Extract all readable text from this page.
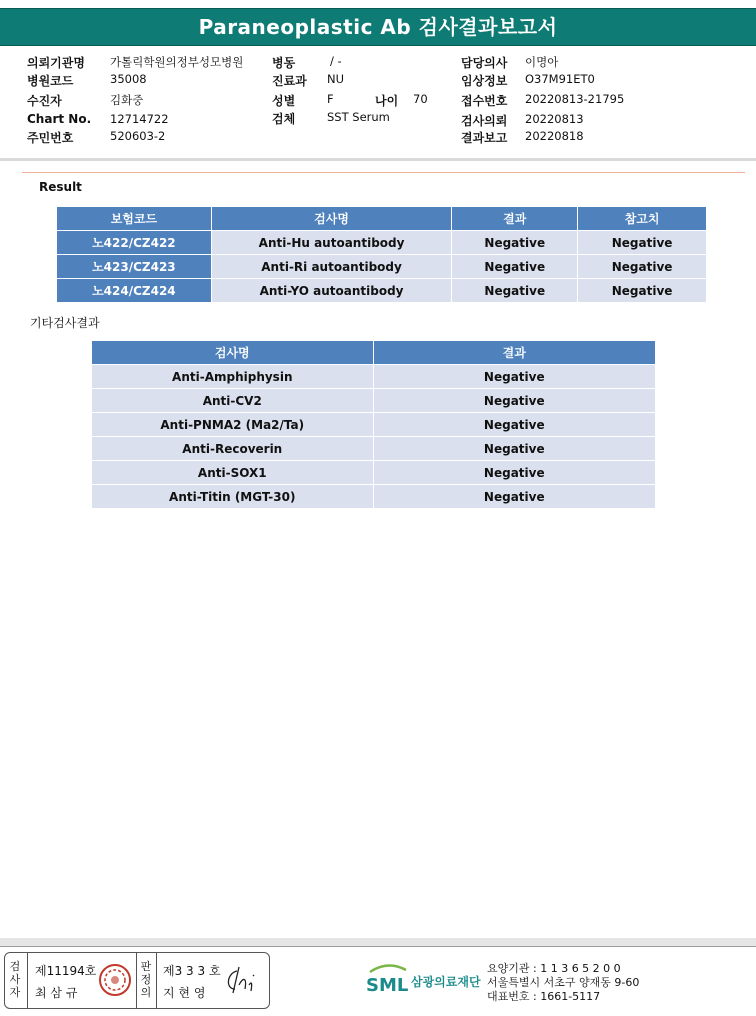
Paraneoplastic Ab 검사결과보고서
의뢰기관명 가톨릭학원의정부성모병원
병원코드	35008
수진자	김화중
Chart No. 12714722
주민번호	520603-2
병동	/ -
진료과 NU
성별	F	나이 70
검체	SST Serum
담당의사 이명아
임상정보 O37M91ET0
접수번호 20220813-21795
검사의뢰 20220813
결과보고 20220818
Result
보험코드	검사명	결과	참고치
노422/CZ422	Anti-Hu autoantibody	Negative	Negative
노423/CZ423	Anti-Ri autoantibody	Negative	Negative
노424/CZ424	Anti-YO autoantibody	Negative	Negative
기타검사결과
검사명	결과
Anti-Amphiphysin	Negative
Anti-CV2	Negative
Anti-PNMA2 (Ma2/Ta)	Negative
Anti-Recoverin	Negative
Anti-SOX1	Negative
Anti-Titin (MGT-30)	Negative
검사자
제11194호
최 삼 규
판정의
제3 3 3 호
지 현 영	SML 삼광의료재단
요양기관 : 1 1 3 6 5 2 0 0
서울특별시 서초구 양재동 9-60
대표번호 : 1661-5117
